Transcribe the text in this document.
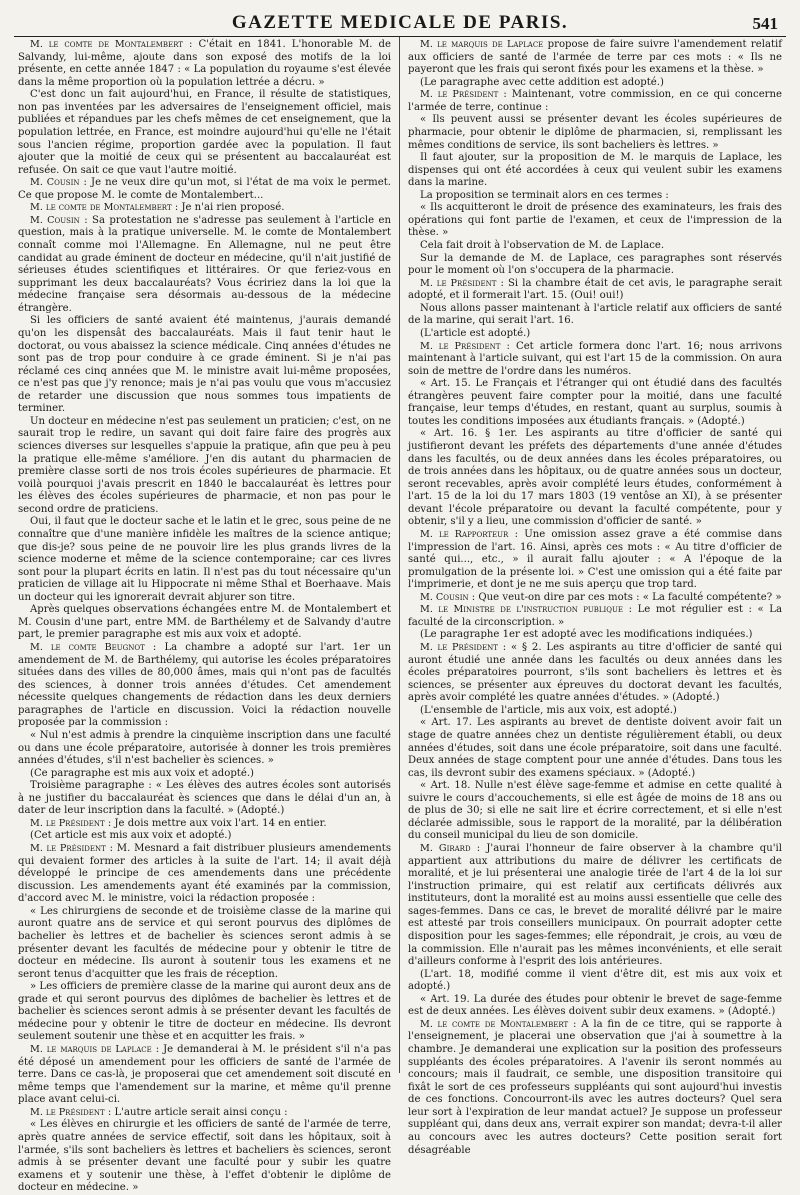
GAZETTE MEDICALE DE PARIS.	541

M. le comte de Montalembert : C'était en 1841. L'honorable M. de Salvandy, lui-même, ajoute dans son exposé des motifs de la loi présente, en cette année 1847 : « La population du royaume s'est élevée dans la même proportion où la population lettrée a décru. »

C'est donc un fait aujourd'hui, en France, il résulte de statistiques, non pas inventées par les adversaires de l'enseignement officiel, mais publiées et répandues par les chefs mêmes de cet enseignement, que la population lettrée, en France, est moindre aujourd'hui qu'elle ne l'était sous l'ancien régime, proportion gardée avec la population. Il faut ajouter que la moitié de ceux qui se présentent au baccalauréat est refusée. On sait ce que vaut l'autre moitié.

M. Cousin : Je ne veux dire qu'un mot, si l'état de ma voix le permet. Ce que propose M. le comte de Montalembert...

M. le comte de Montalembert : Je n'ai rien proposé.

M. Cousin : Sa protestation ne s'adresse pas seulement à l'article en question, mais à la pratique universelle. M. le comte de Montalembert connaît comme moi l'Allemagne. En Allemagne, nul ne peut être candidat au grade éminent de docteur en médecine, qu'il n'ait justifié de sérieuses études scientifiques et littéraires. Or que feriez-vous en supprimant les deux baccalauréats? Vous écririez dans la loi que la médecine française sera désormais au-dessous de la médecine étrangère.

Si les officiers de santé avaient été maintenus, j'aurais demandé qu'on les dispensât des baccalauréats. Mais il faut tenir haut le doctorat, ou vous abaissez la science médicale. Cinq années d'études ne sont pas de trop pour conduire à ce grade éminent. Si je n'ai pas réclamé ces cinq années que M. le ministre avait lui-même proposées, ce n'est pas que j'y renonce; mais je n'ai pas voulu que vous m'accusiez de retarder une discussion que nous sommes tous impatients de terminer.

Un docteur en médecine n'est pas seulement un praticien; c'est, on ne saurait trop le redire, un savant qui doit faire faire des progrès aux sciences diverses sur lesquelles s'appuie la pratique, afin que peu à peu la pratique elle-même s'améliore. J'en dis autant du pharmacien de première classe sorti de nos trois écoles supérieures de pharmacie. Et voilà pourquoi j'avais prescrit en 1840 le baccalauréat ès lettres pour les élèves des écoles supérieures de pharmacie, et non pas pour le second ordre de praticiens.

Oui, il faut que le docteur sache et le latin et le grec, sous peine de ne connaître que d'une manière infidèle les maîtres de la science antique; que dis-je? sous peine de ne pouvoir lire les plus grands livres de la science moderne et même de la science contemporaine; car ces livres sont pour la plupart écrits en latin. Il n'est pas du tout nécessaire qu'un praticien de village ait lu Hippocrate ni même Sthal et Boerhaave. Mais un docteur qui les ignorerait devrait abjurer son titre.

Après quelques observations échangées entre M. de Montalembert et M. Cousin d'une part, entre MM. de Barthélemy et de Salvandy d'autre part, le premier paragraphe est mis aux voix et adopté.

M. le comte Beugnot : La chambre a adopté sur l'art. 1er un amendement de M. de Barthélemy, qui autorise les écoles préparatoires situées dans des villes de 80,000 âmes, mais qui n'ont pas de facultés des sciences, à donner trois années d'études. Cet amendement nécessite quelques changements de rédaction dans les deux derniers paragraphes de l'article en discussion. Voici la rédaction nouvelle proposée par la commission :

« Nul n'est admis à prendre la cinquième inscription dans une faculté ou dans une école préparatoire, autorisée à donner les trois premières années d'études, s'il n'est bachelier ès sciences. »

(Ce paragraphe est mis aux voix et adopté.)

Troisième paragraphe : « Les élèves des autres écoles sont autorisés à ne justifier du baccalauréat ès sciences que dans le délai d'un an, à dater de leur inscription dans la faculté. » (Adopté.)

M. le Président : Je dois mettre aux voix l'art. 14 en entier.

(Cet article est mis aux voix et adopté.)

M. le Président : M. Mesnard a fait distribuer plusieurs amendements qui devaient former des articles à la suite de l'art. 14; il avait déjà développé le principe de ces amendements dans une précédente discussion. Les amendements ayant été examinés par la commission, d'accord avec M. le ministre, voici la rédaction proposée :

« Les chirurgiens de seconde et de troisième classe de la marine qui auront quatre ans de service et qui seront pourvus des diplômes de bachelier ès lettres et de bachelier ès sciences seront admis à se présenter devant les facultés de médecine pour y obtenir le titre de docteur en médecine. Ils auront à soutenir tous les examens et ne seront tenus d'acquitter que les frais de réception.

» Les officiers de première classe de la marine qui auront deux ans de grade et qui seront pourvus des diplômes de bachelier ès lettres et de bachelier ès sciences seront admis à se présenter devant les facultés de médecine pour y obtenir le titre de docteur en médecine. Ils devront seulement soutenir une thèse et en acquitter les frais. »

M. le marquis de Laplace : Je demanderai à M. le président s'il n'a pas été déposé un amendement pour les officiers de santé de l'armée de terre. Dans ce cas-là, je proposerai que cet amendement soit discuté en même temps que l'amendement sur la marine, et même qu'il prenne place avant celui-ci.

M. le Président : L'autre article serait ainsi conçu :

« Les élèves en chirurgie et les officiers de santé de l'armée de terre, après quatre années de service effectif, soit dans les hôpitaux, soit à l'armée, s'ils sont bacheliers ès lettres et bacheliers ès sciences, seront admis à se présenter devant une faculté pour y subir les quatre examens et y soutenir une thèse, à l'effet d'obtenir le diplôme de docteur en médecine. »

M. le marquis de Laplace propose de faire suivre l'amendement relatif aux officiers de santé de l'armée de terre par ces mots : « Ils ne payeront que les frais qui seront fixés pour les examens et la thèse. »

(Le paragraphe avec cette addition est adopté.)

M. le Président : Maintenant, votre commission, en ce qui concerne l'armée de terre, continue :

« Ils peuvent aussi se présenter devant les écoles supérieures de pharmacie, pour obtenir le diplôme de pharmacien, si, remplissant les mêmes conditions de service, ils sont bacheliers ès lettres. »

Il faut ajouter, sur la proposition de M. le marquis de Laplace, les dispenses qui ont été accordées à ceux qui veulent subir les examens dans la marine.

La proposition se terminait alors en ces termes :

« Ils acquitteront le droit de présence des examinateurs, les frais des opérations qui font partie de l'examen, et ceux de l'impression de la thèse. »

Cela fait droit à l'observation de M. de Laplace.

Sur la demande de M. de Laplace, ces paragraphes sont réservés pour le moment où l'on s'occupera de la pharmacie.

M. le Président : Si la chambre était de cet avis, le paragraphe serait adopté, et il formerait l'art. 15. (Oui! oui!)

Nous allons passer maintenant à l'article relatif aux officiers de santé de la marine, qui serait l'art. 16.

(L'article est adopté.)

M. le Président : Cet article formera donc l'art. 16; nous arrivons maintenant à l'article suivant, qui est l'art 15 de la commission. On aura soin de mettre de l'ordre dans les numéros.

« Art. 15. Le Français et l'étranger qui ont étudié dans des facultés étrangères peuvent faire compter pour la moitié, dans une faculté française, leur temps d'études, en restant, quant au surplus, soumis à toutes les conditions imposées aux étudiants français. » (Adopté.)

« Art. 16. § 1er. Les aspirants au titre d'officier de santé qui justifieront devant les préfets des départements d'une année d'études dans les facultés, ou de deux années dans les écoles préparatoires, ou de trois années dans les hôpitaux, ou de quatre années sous un docteur, seront recevables, après avoir complété leurs études, conformément à l'art. 15 de la loi du 17 mars 1803 (19 ventôse an XI), à se présenter devant l'école préparatoire ou devant la faculté compétente, pour y obtenir, s'il y a lieu, une commission d'officier de santé. »

M. le Rapporteur : Une omission assez grave a été commise dans l'impression de l'art. 16. Ainsi, après ces mots : « Au titre d'officier de santé qui..., etc., » il aurait fallu ajouter : « A l'époque de la promulgation de la présente loi. » C'est une omission qui a été faite par l'imprimerie, et dont je ne me suis aperçu que trop tard.

M. Cousin : Que veut-on dire par ces mots : « La faculté compétente? »

M. le Ministre de l'instruction publique : Le mot régulier est : « La faculté de la circonscription. »

(Le paragraphe 1er est adopté avec les modifications indiquées.)

M. le Président : « § 2. Les aspirants au titre d'officier de santé qui auront étudié une année dans les facultés ou deux années dans les écoles préparatoires pourront, s'ils sont bacheliers ès lettres et ès sciences, se présenter aux épreuves du doctorat devant les facultés, après avoir complété les quatre années d'études. » (Adopté.)

(L'ensemble de l'article, mis aux voix, est adopté.)

« Art. 17. Les aspirants au brevet de dentiste doivent avoir fait un stage de quatre années chez un dentiste régulièrement établi, ou deux années d'études, soit dans une école préparatoire, soit dans une faculté. Deux années de stage comptent pour une année d'études. Dans tous les cas, ils devront subir des examens spéciaux. » (Adopté.)

« Art. 18. Nulle n'est élève sage-femme et admise en cette qualité à suivre le cours d'accouchements, si elle est âgée de moins de 18 ans ou de plus de 30; si elle ne sait lire et écrire correctement, et si elle n'est déclarée admissible, sous le rapport de la moralité, par la délibération du conseil municipal du lieu de son domicile.

M. Girard : J'aurai l'honneur de faire observer à la chambre qu'il appartient aux attributions du maire de délivrer les certificats de moralité, et je lui présenterai une analogie tirée de l'art 4 de la loi sur l'instruction primaire, qui est relatif aux certificats délivrés aux instituteurs, dont la moralité est au moins aussi essentielle que celle des sages-femmes. Dans ce cas, le brevet de moralité délivré par le maire est attesté par trois conseillers municipaux. On pourrait adopter cette disposition pour les sages-femmes; elle répondrait, je crois, au vœu de la commission. Elle n'aurait pas les mêmes inconvénients, et elle serait d'ailleurs conforme à l'esprit des lois antérieures.

(L'art. 18, modifié comme il vient d'être dit, est mis aux voix et adopté.)

« Art. 19. La durée des études pour obtenir le brevet de sage-femme est de deux années. Les élèves doivent subir deux examens. » (Adopté.)

M. le comte de Montalembert : A la fin de ce titre, qui se rapporte à l'enseignement, je placerai une observation que j'ai à soumettre à la chambre. Je demanderai une explication sur la position des professeurs suppléants des écoles préparatoires. A l'avenir ils seront nommés au concours; mais il faudrait, ce semble, une disposition transitoire qui fixât le sort de ces professeurs suppléants qui sont aujourd'hui investis de ces fonctions. Concourront-ils avec les autres docteurs? Quel sera leur sort à l'expiration de leur mandat actuel? Je suppose un professeur suppléant qui, dans deux ans, verrait expirer son mandat; devra-t-il aller au concours avec les autres docteurs? Cette position serait fort désagréable
